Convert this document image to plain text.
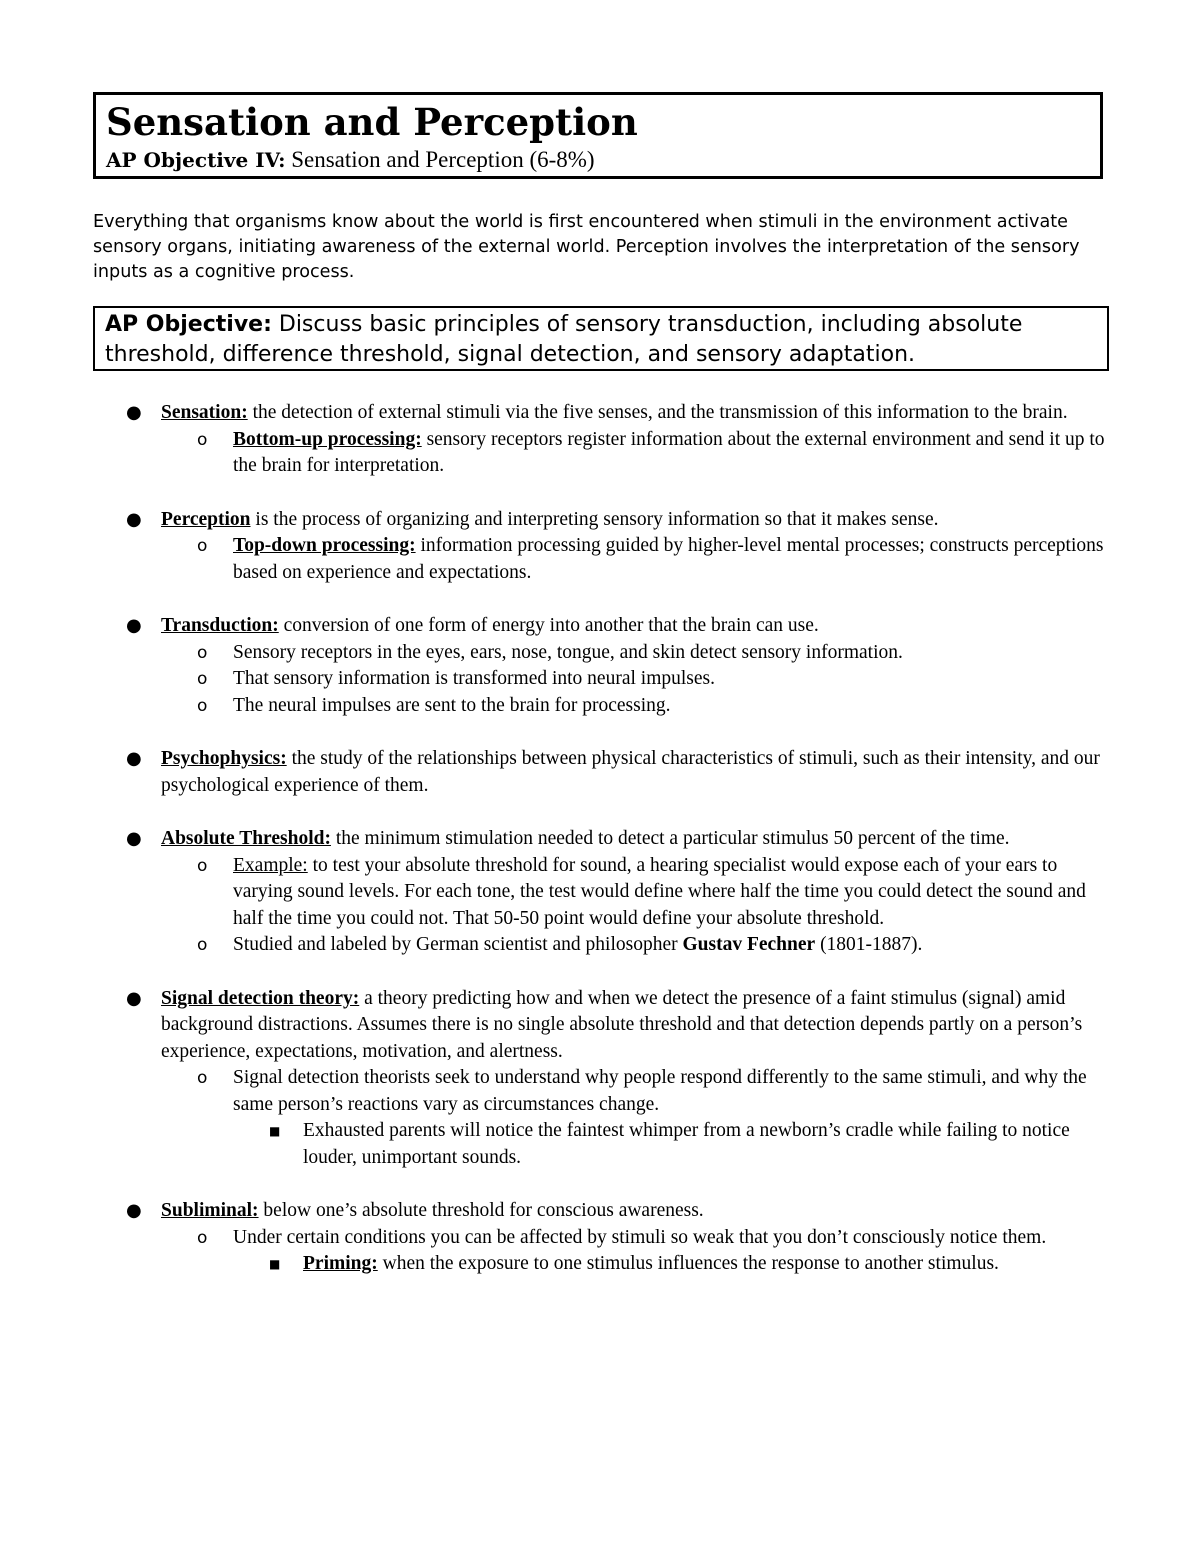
Sensation and Perception
AP Objective IV: Sensation and Perception (6-8%)
Everything that organisms know about the world is first encountered when stimuli in the environment activate sensory organs, initiating awareness of the external world. Perception involves the interpretation of the sensory inputs as a cognitive process.
AP Objective: Discuss basic principles of sensory transduction, including absolute threshold, difference threshold, signal detection, and sensory adaptation.
● Sensation: the detection of external stimuli via the five senses, and the transmission of this information to the brain.
o Bottom-up processing: sensory receptors register information about the external environment and send it up to the brain for interpretation.
● Perception is the process of organizing and interpreting sensory information so that it makes sense.
o Top-down processing: information processing guided by higher-level mental processes; constructs perceptions based on experience and expectations.
● Transduction: conversion of one form of energy into another that the brain can use.
o Sensory receptors in the eyes, ears, nose, tongue, and skin detect sensory information.
o That sensory information is transformed into neural impulses.
o The neural impulses are sent to the brain for processing.
● Psychophysics: the study of the relationships between physical characteristics of stimuli, such as their intensity, and our psychological experience of them.
● Absolute Threshold: the minimum stimulation needed to detect a particular stimulus 50 percent of the time.
o Example: to test your absolute threshold for sound, a hearing specialist would expose each of your ears to varying sound levels. For each tone, the test would define where half the time you could detect the sound and half the time you could not. That 50-50 point would define your absolute threshold.
o Studied and labeled by German scientist and philosopher Gustav Fechner (1801-1887).
● Signal detection theory: a theory predicting how and when we detect the presence of a faint stimulus (signal) amid background distractions. Assumes there is no single absolute threshold and that detection depends partly on a person’s experience, expectations, motivation, and alertness.
o Signal detection theorists seek to understand why people respond differently to the same stimuli, and why the same person’s reactions vary as circumstances change.
■ Exhausted parents will notice the faintest whimper from a newborn’s cradle while failing to notice louder, unimportant sounds.
● Subliminal: below one’s absolute threshold for conscious awareness.
o Under certain conditions you can be affected by stimuli so weak that you don’t consciously notice them.
■ Priming: when the exposure to one stimulus influences the response to another stimulus.
